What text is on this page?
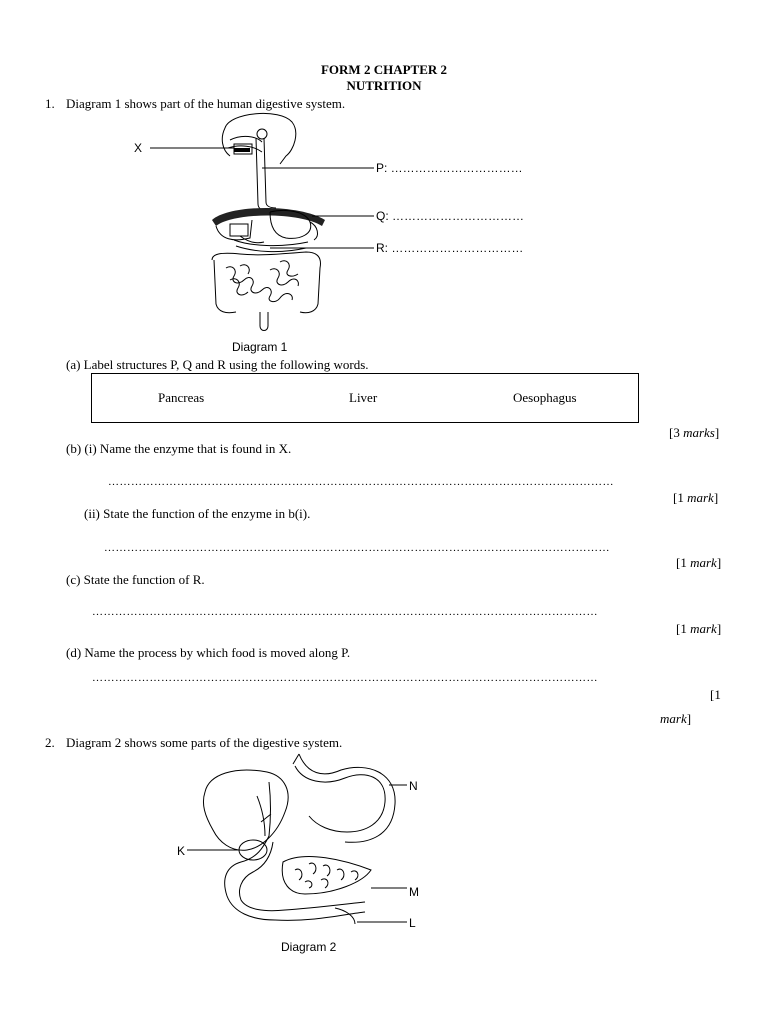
FORM 2 CHAPTER 2
NUTRITION
1. Diagram 1 shows part of the human digestive system.
X
P: ……………………………
Q: ……………………………
R: ……………………………
Diagram 1
(a) Label structures P, Q and R using the following words.
Pancreas	Liver	Oesophagus
[3 marks]
(b) (i) Name the enzyme that is found in X.
……………………………………………………………………………………………………………………
[1 mark]
(ii) State the function of the enzyme in b(i).
……………………………………………………………………………………………………………………
[1 mark]
(c) State the function of R.
……………………………………………………………………………………………………………………
[1 mark]
(d) Name the process by which food is moved along P.
……………………………………………………………………………………………………………………
[1
mark]
2. Diagram 2 shows some parts of the digestive system.
N
K
M
L
Diagram 2
